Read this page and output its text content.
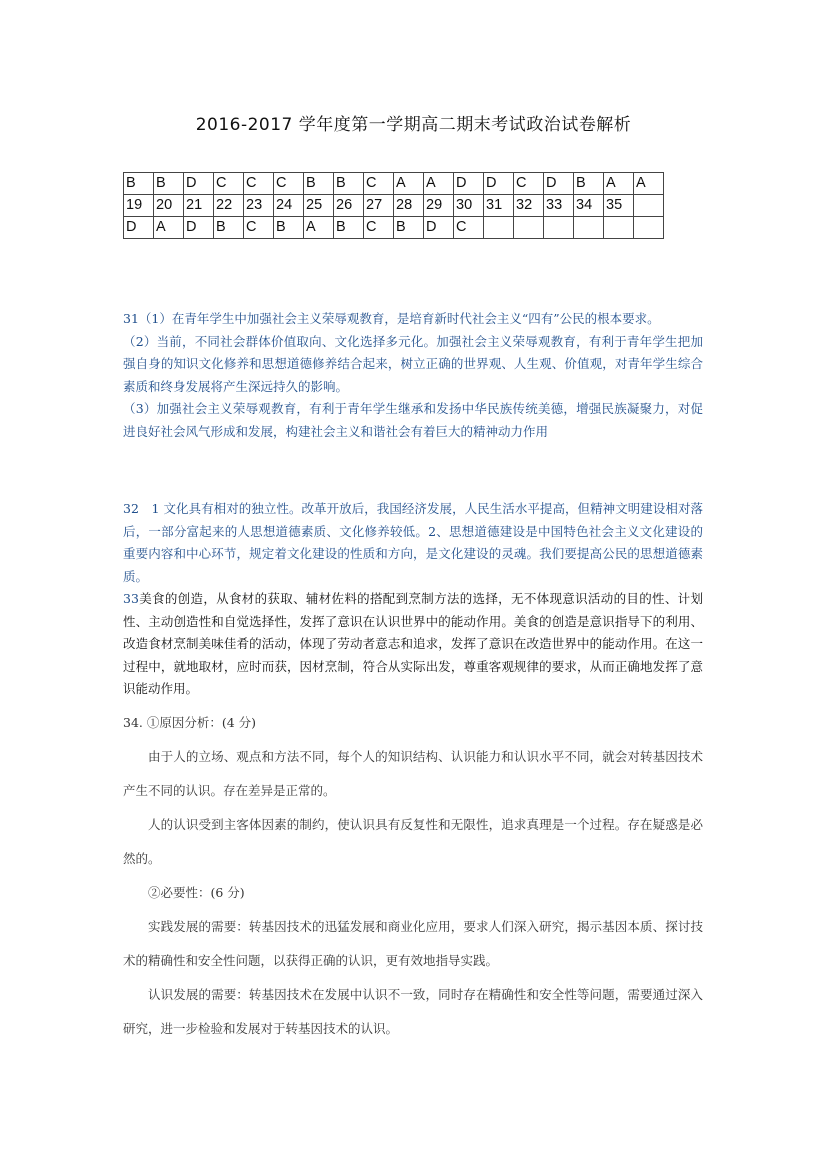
2016-2017 学年度第一学期高二期末考试政治试卷解析
B	B	D	C	C	C	B	B	C	A	A	D	D	C	D	B	A	A
19	20	21	22	23	24	25	26	27	28	29	30	31	32	33	34	35	
D	A	D	B	C	B	A	B	C	B	D	C						

31（1）在青年学生中加强社会主义荣辱观教育，是培育新时代社会主义“四有”公民的根本要求。

（2）当前，不同社会群体价值取向、文化选择多元化。加强社会主义荣辱观教育，有利于青年学生把加强自身的知识文化修养和思想道德修养结合起来，树立正确的世界观、人生观、价值观，对青年学生综合素质和终身发展将产生深远持久的影响。

（3）加强社会主义荣辱观教育，有利于青年学生继承和发扬中华民族传统美德，增强民族凝聚力，对促进良好社会风气形成和发展，构建社会主义和谐社会有着巨大的精神动力作用

32　1 文化具有相对的独立性。改革开放后，我国经济发展，人民生活水平提高，但精神文明建设相对落后，一部分富起来的人思想道德素质、文化修养较低。2、思想道德建设是中国特色社会主义文化建设的重要内容和中心环节，规定着文化建设的性质和方向，是文化建设的灵魂。我们要提高公民的思想道德素质。

33美食的创造，从食材的获取、辅材佐料的搭配到烹制方法的选择，无不体现意识活动的目的性、计划性、主动创造性和自觉选择性，发挥了意识在认识世界中的能动作用。美食的创造是意识指导下的利用、改造食材烹制美味佳肴的活动，体现了劳动者意志和追求，发挥了意识在改造世界中的能动作用。在这一过程中，就地取材，应时而获，因材烹制，符合从实际出发，尊重客观规律的要求，从而正确地发挥了意识能动作用。

34. ①原因分析：(4 分)

由于人的立场、观点和方法不同，每个人的知识结构、认识能力和认识水平不同，就会对转基因技术产生不同的认识。存在差异是正常的。

人的认识受到主客体因素的制约，使认识具有反复性和无限性，追求真理是一个过程。存在疑惑是必然的。

②必要性：(6 分)

实践发展的需要：转基因技术的迅猛发展和商业化应用，要求人们深入研究，揭示基因本质、探讨技术的精确性和安全性问题，以获得正确的认识，更有效地指导实践。

认识发展的需要：转基因技术在发展中认识不一致，同时存在精确性和安全性等问题，需要通过深入研究，进一步检验和发展对于转基因技术的认识。
